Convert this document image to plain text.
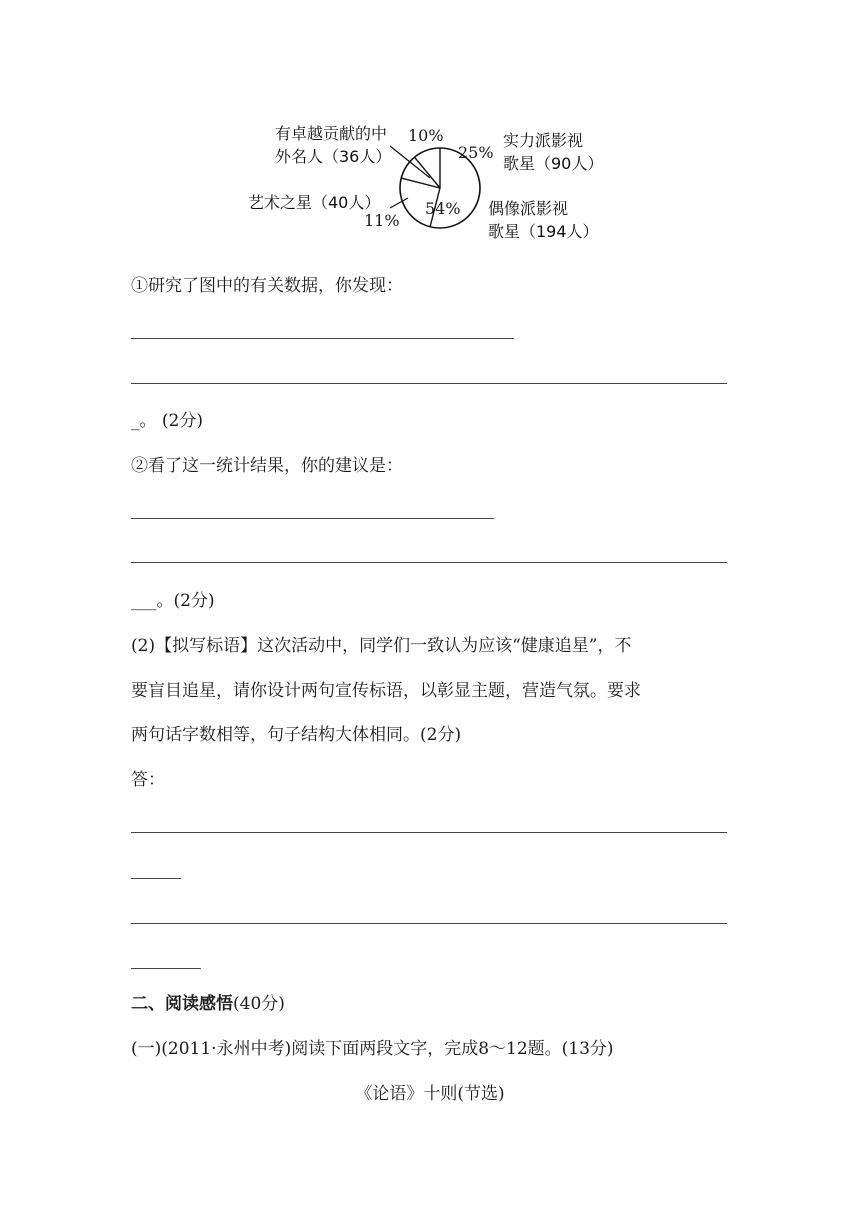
有卓越贡献的中
外名人（36人）
10%	实力派影视
歌星（90人）
25%
艺术之星（40人）
11%
偶像派影视
歌星（194人）
54%
①研究了图中的有关数据，你发现：
_。 (2分)
②看了这一统计结果，你的建议是：
___。(2分)
(2)【拟写标语】这次活动中，同学们一致认为应该“健康追星”，不
要盲目追星，请你设计两句宣传标语，以彰显主题，营造气氛。要求
两句话字数相等，句子结构大体相同。(2分)
答：
二、阅读感悟(40分)
(一)(2011·永州中考)阅读下面两段文字，完成8～12题。(13分)
《论语》十则(节选)
